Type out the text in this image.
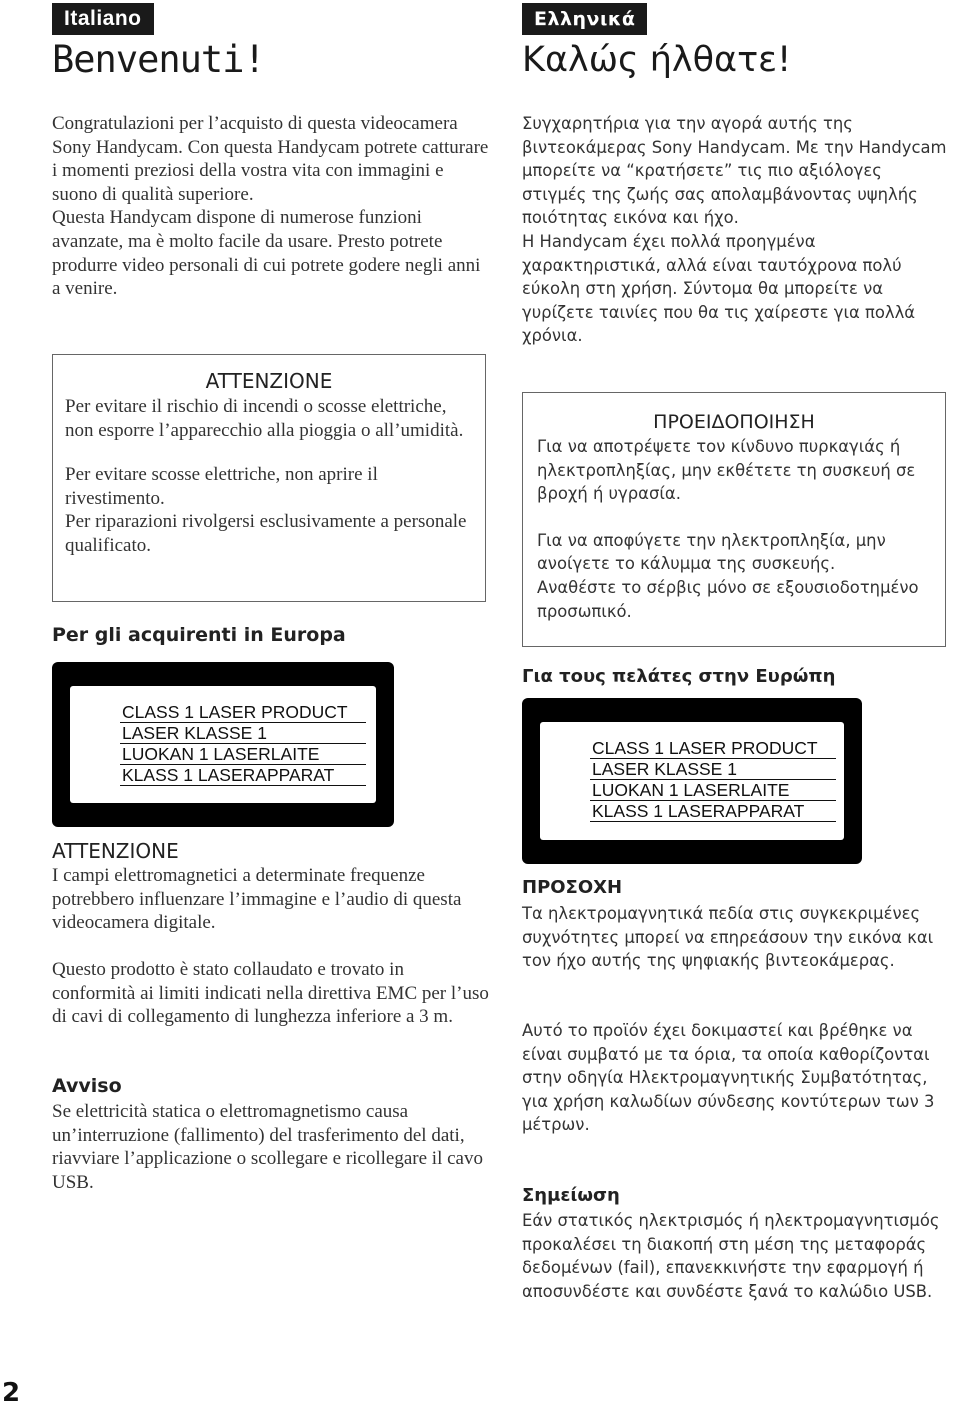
Italiano
Benvenuti!

Congratulazioni per l’acquisto di questa videocamera Sony Handycam. Con questa Handycam potrete catturare i momenti preziosi della vostra vita con immagini e suono di qualità superiore.
Questa Handycam dispone di numerose funzioni avanzate, ma è molto facile da usare. Presto potrete produrre video personali di cui potrete godere negli anni a venire.

ATTENZIONE

Per evitare il rischio di incendi o scosse elettriche, non esporre l’apparecchio alla pioggia o all’umidità.

Per evitare scosse elettriche, non aprire il rivestimento.
Per riparazioni rivolgersi esclusivamente a personale qualificato.

Per gli acquirenti in Europa

CLASS 1 LASER PRODUCT
LASER KLASSE 1
LUOKAN 1 LASERLAITE
KLASS 1 LASERAPPARAT

ATTENZIONE

I campi elettromagnetici a determinate frequenze potrebbero influenzare l’immagine e l’audio di questa videocamera digitale.

Questo prodotto è stato collaudato e trovato in conformità ai limiti indicati nella direttiva EMC per l’uso di cavi di collegamento di lunghezza inferiore a 3 m.

Avviso

Se elettricità statica o elettromagnetismo causa un’interruzione (fallimento) del trasferimento del dati, riavviare l’applicazione o scollegare e ricollegare il cavo USB.

Ελληνικά
Καλώς ήλθατε!

Συγχαρητήρια για την αγορά αυτής της βιντεοκάμερας Sony Handycam. Με την Handycam μπορείτε να “κρατήσετε” τις πιο αξιόλογες στιγμές της ζωής σας απολαμβάνοντας υψηλής ποιότητας εικόνα και ήχο.
Η Handycam έχει πολλά προηγμένα χαρακτηριστικά, αλλά είναι ταυτόχρονα πολύ εύκολη στη χρήση. Σύντομα θα μπορείτε να γυρίζετε ταινίες που θα τις χαίρεστε για πολλά χρόνια.

ΠΡΟΕΙΔΟΠΟΙΗΣΗ

Για να αποτρέψετε τον κίνδυνο πυρκαγιάς ή ηλεκτροπληξίας, μην εκθέτετε τη συσκευή σε βροχή ή υγρασία.

Για να αποφύγετε την ηλεκτροπληξία, μην ανοίγετε το κάλυμμα της συσκευής.
Αναθέστε το σέρβις μόνο σε εξουσιοδοτημένο προσωπικό.

Για τους πελάτες στην Ευρώπη

CLASS 1 LASER PRODUCT
LASER KLASSE 1
LUOKAN 1 LASERLAITE
KLASS 1 LASERAPPARAT

ΠΡΟΣΟΧΗ

Τα ηλεκτρομαγνητικά πεδία στις συγκεκριμένες συχνότητες μπορεί να επηρεάσουν την εικόνα και τον ήχο αυτής της ψηφιακής βιντεοκάμερας.

Αυτό το προϊόν έχει δοκιμαστεί και βρέθηκε να είναι συμβατό με τα όρια, τα οποία καθορίζονται στην οδηγία Ηλεκτρομαγνητικής Συμβατότητας, για χρήση καλωδίων σύνδεσης κοντύτερων των 3 μέτρων.

Σημείωση

Εάν στατικός ηλεκτρισμός ή ηλεκτρομαγνητισμός προκαλέσει τη διακοπή στη μέση της μεταφοράς δεδομένων (fail), επανεκκινήστε την εφαρμογή ή αποσυνδέστε και συνδέστε ξανά το καλώδιο USB.

2
